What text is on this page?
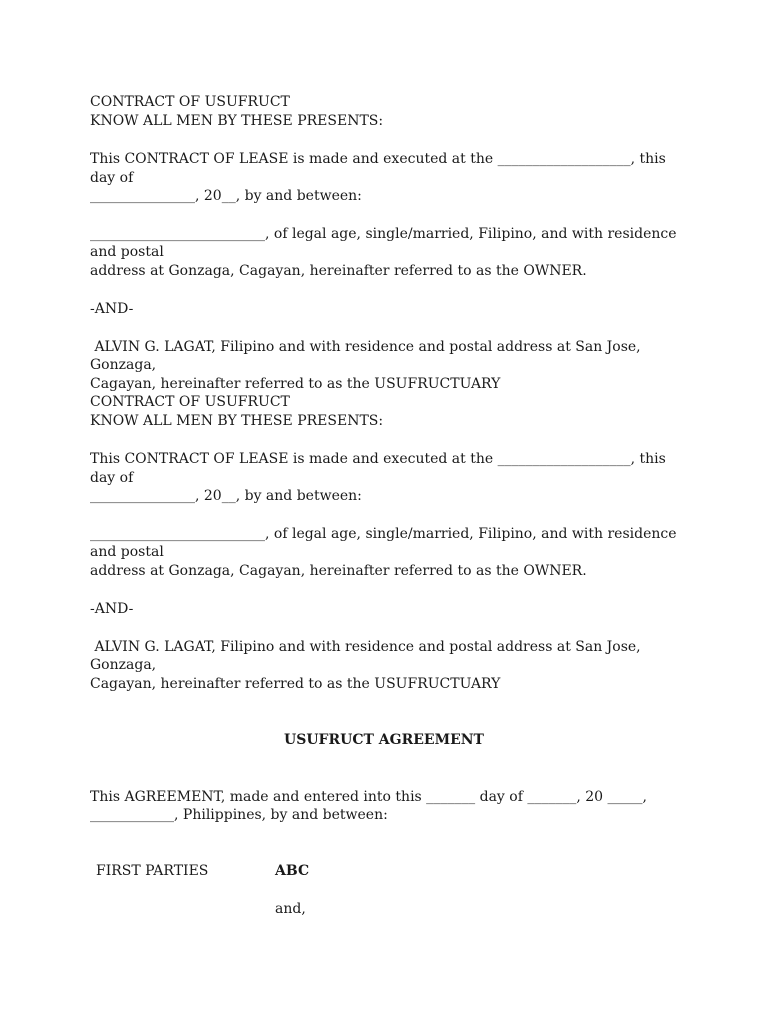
CONTRACT OF USUFRUCT
KNOW ALL MEN BY THESE PRESENTS:
This CONTRACT OF LEASE is made and executed at the ___________________, this
day of
_______________, 20__, by and between:
_________________________, of legal age, single/married, Filipino, and with residence
and postal
address at Gonzaga, Cagayan, hereinafter referred to as the OWNER.
-AND-
ALVIN G. LAGAT, Filipino and with residence and postal address at San Jose,
Gonzaga,
Cagayan, hereinafter referred to as the USUFRUCTUARY
CONTRACT OF USUFRUCT
KNOW ALL MEN BY THESE PRESENTS:
This CONTRACT OF LEASE is made and executed at the ___________________, this
day of
_______________, 20__, by and between:
_________________________, of legal age, single/married, Filipino, and with residence
and postal
address at Gonzaga, Cagayan, hereinafter referred to as the OWNER.
-AND-
ALVIN G. LAGAT, Filipino and with residence and postal address at San Jose,
Gonzaga,
Cagayan, hereinafter referred to as the USUFRUCTUARY
USUFRUCT AGREEMENT
This AGREEMENT, made and entered into this _______ day of _______, 20 _____,
____________, Philippines, by and between:
FIRST PARTIES	ABC
and,
